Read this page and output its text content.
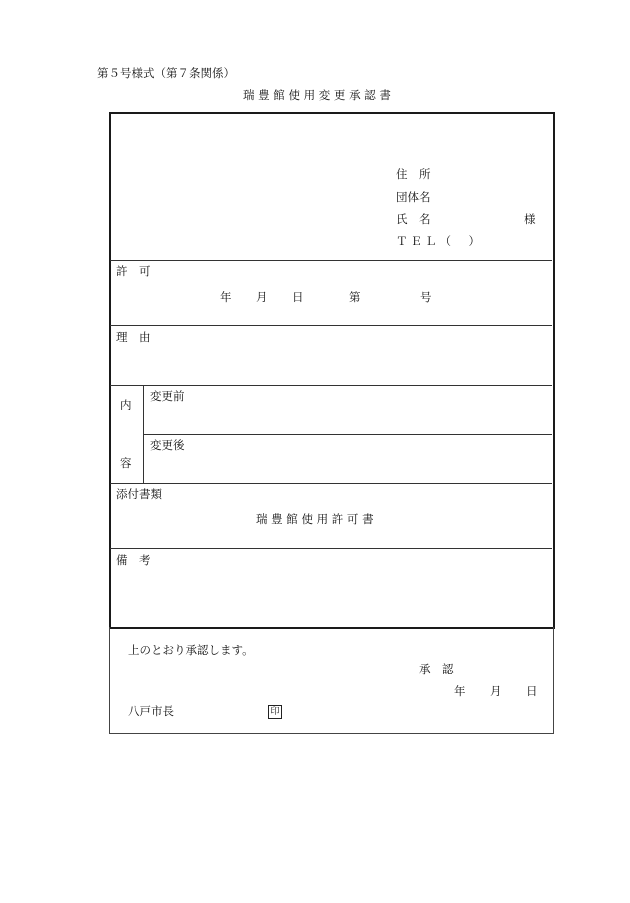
第５号様式（第７条関係）
瑞 豊 館 使 用 変 更 承 認 書
住　所
団体名
氏　名	様
ＴＥＬ（　）
許　可
年 月 日	第	号
理　由
内
容
変更前
変更後
添付書類
瑞 豊 館 使 用 許 可 書
備　考
上のとおり承認します。
承　認
年 月 日
八戸市長	印
